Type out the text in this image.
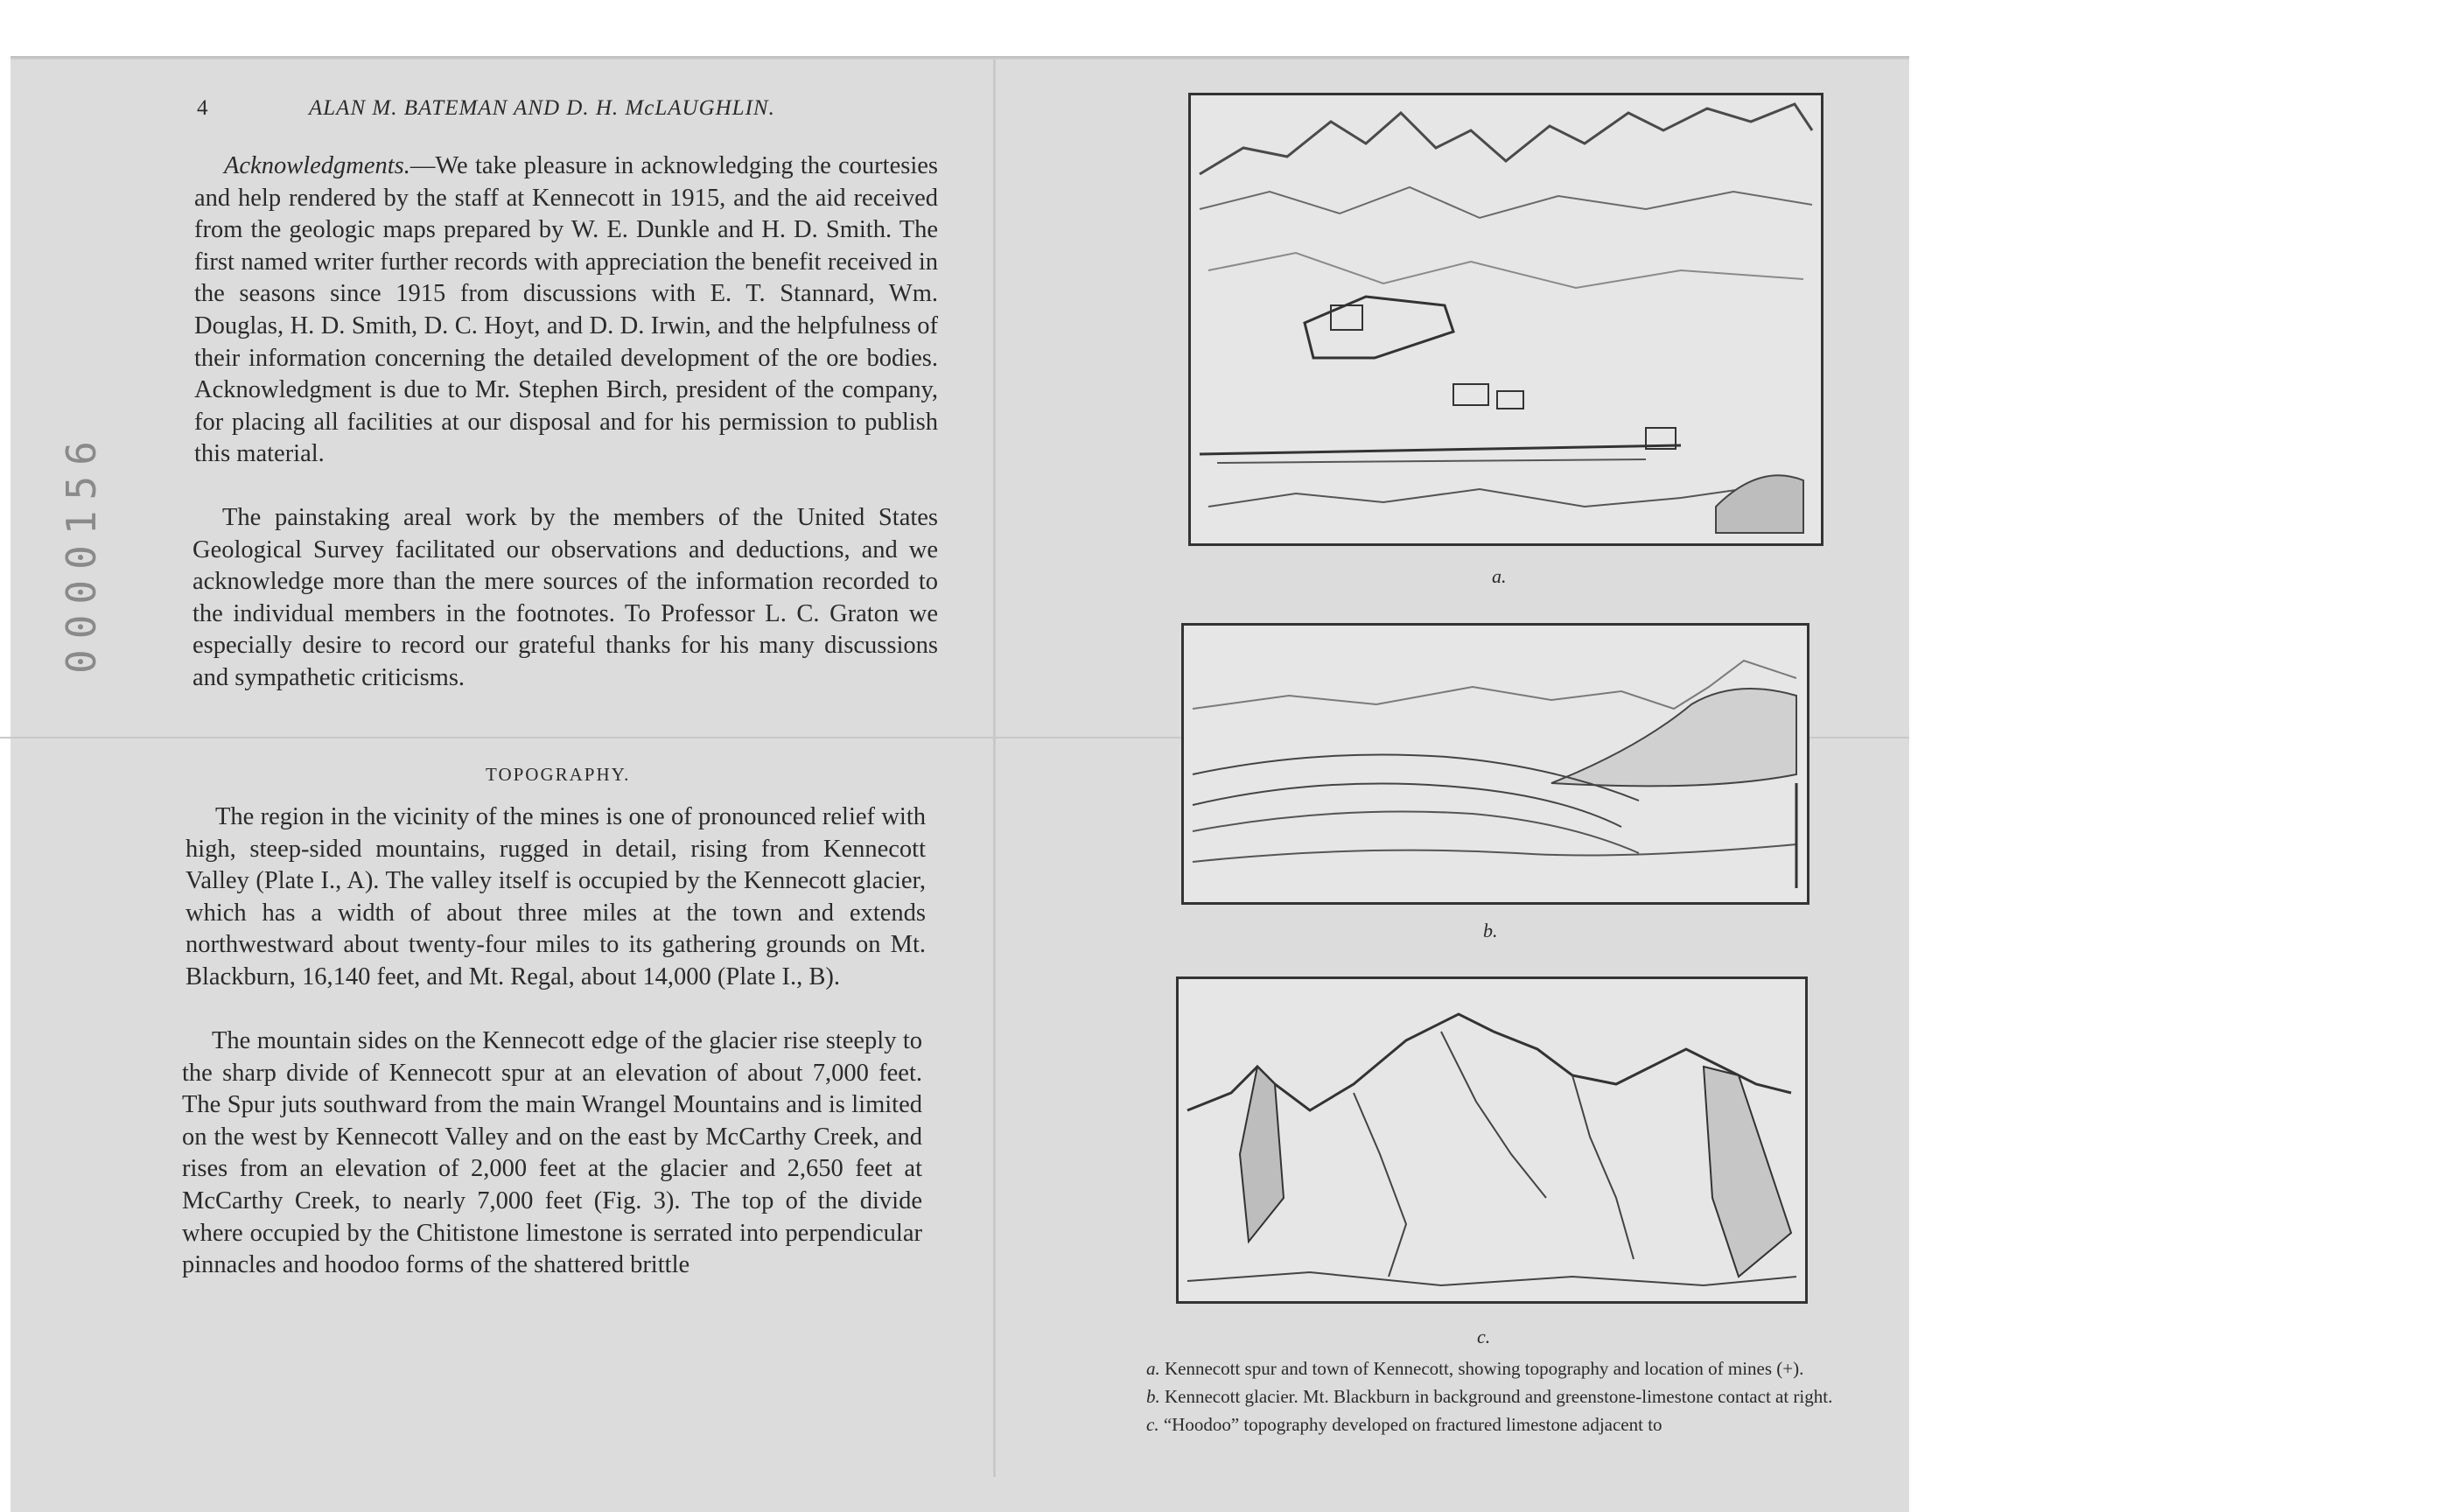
0000156
4	ALAN M. BATEMAN AND D. H. McLAUGHLIN.

Acknowledgments.—We take pleasure in acknowledging the courtesies and help rendered by the staff at Kennecott in 1915, and the aid received from the geologic maps prepared by W. E. Dunkle and H. D. Smith. The first named writer further records with appreciation the benefit received in the seasons since 1915 from discussions with E. T. Stannard, Wm. Douglas, H. D. Smith, D. C. Hoyt, and D. D. Irwin, and the helpfulness of their information concerning the detailed development of the ore bodies. Acknowledgment is due to Mr. Stephen Birch, president of the company, for placing all facilities at our disposal and for his permission to publish this material.

The painstaking areal work by the members of the United States Geological Survey facilitated our observations and deductions, and we acknowledge more than the mere sources of the information recorded to the individual members in the footnotes. To Professor L. C. Graton we especially desire to record our grateful thanks for his many discussions and sympathetic criticisms.

TOPOGRAPHY.

The region in the vicinity of the mines is one of pronounced relief with high, steep-sided mountains, rugged in detail, rising from Kennecott Valley (Plate I., A). The valley itself is occupied by the Kennecott glacier, which has a width of about three miles at the town and extends northwestward about twenty-four miles to its gathering grounds on Mt. Blackburn, 16,140 feet, and Mt. Regal, about 14,000 (Plate I., B).

The mountain sides on the Kennecott edge of the glacier rise steeply to the sharp divide of Kennecott spur at an elevation of about 7,000 feet. The Spur juts southward from the main Wrangel Mountains and is limited on the west by Kennecott Valley and on the east by McCarthy Creek, and rises from an elevation of 2,000 feet at the glacier and 2,650 feet at McCarthy Creek, to nearly 7,000 feet (Fig. 3). The top of the divide where occupied by the Chitistone limestone is serrated into perpendicular pinnacles and hoodoo forms of the shattered brittle

a.
b.
c.

a. Kennecott spur and town of Kennecott, showing topography and location of mines (+).

b. Kennecott glacier. Mt. Blackburn in background and greenstone-limestone contact at right.

c. “Hoodoo” topography developed on fractured limestone adjacent to
